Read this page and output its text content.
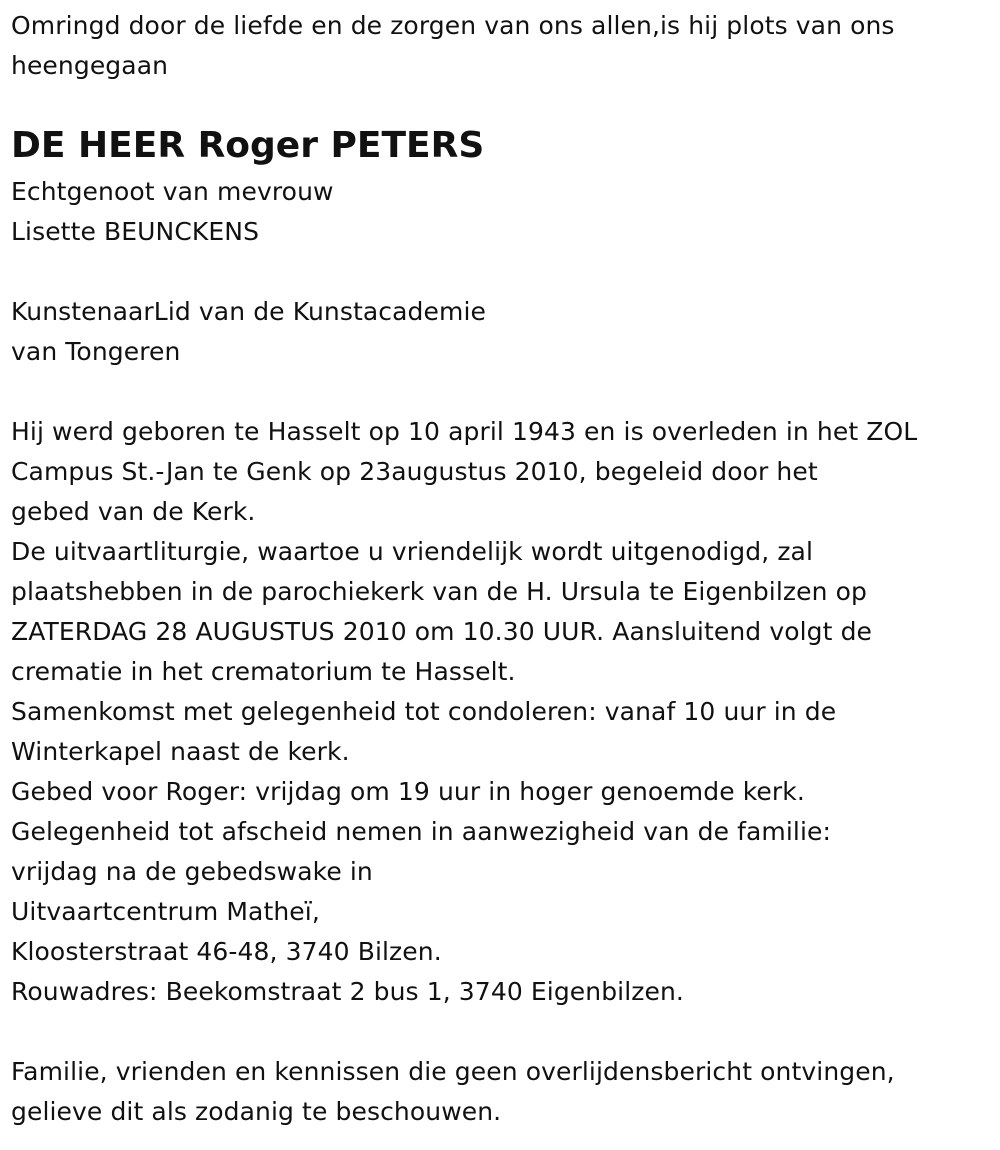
Omringd door de liefde en de zorgen van ons allen,is hij plots van ons
heengegaan
DE HEER Roger PETERS
Echtgenoot van mevrouw
Lisette BEUNCKENS
KunstenaarLid van de Kunstacademie
van Tongeren
Hij werd geboren te Hasselt op 10 april 1943 en is overleden in het ZOL
Campus St.-Jan te Genk op 23augustus 2010, begeleid door het
gebed van de Kerk.
De uitvaartliturgie, waartoe u vriendelijk wordt uitgenodigd, zal
plaatshebben in de parochiekerk van de H. Ursula te Eigenbilzen op
ZATERDAG 28 AUGUSTUS 2010 om 10.30 UUR. Aansluitend volgt de
crematie in het crematorium te Hasselt.
Samenkomst met gelegenheid tot condoleren: vanaf 10 uur in de
Winterkapel naast de kerk.
Gebed voor Roger: vrijdag om 19 uur in hoger genoemde kerk.
Gelegenheid tot afscheid nemen in aanwezigheid van de familie:
vrijdag na de gebedswake in
Uitvaartcentrum Matheï,
Kloosterstraat 46-48, 3740 Bilzen.
Rouwadres: Beekomstraat 2 bus 1, 3740 Eigenbilzen.
Familie, vrienden en kennissen die geen overlijdensbericht ontvingen,
gelieve dit als zodanig te beschouwen.
